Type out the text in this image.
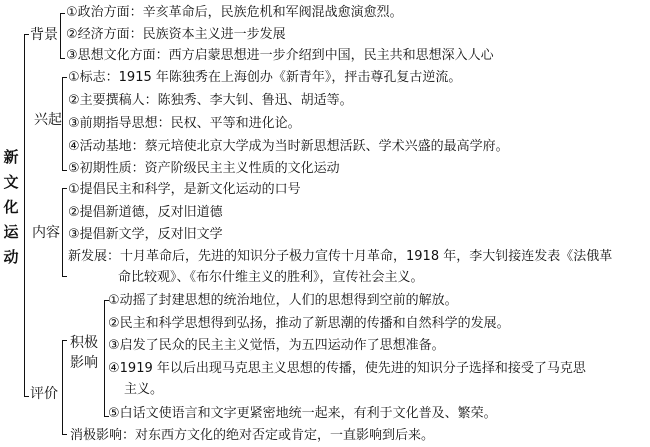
新
文
化
运
动
背景
兴起
内容
评价
①政治方面：辛亥革命后，民族危机和军阀混战愈演愈烈。
②经济方面：民族资本主义进一步发展
③思想文化方面：西方启蒙思想进一步介绍到中国，民主共和思想深入人心
①标志：1915 年陈独秀在上海创办《新青年》，抨击尊孔复古逆流。
②主要撰稿人：陈独秀、李大钊、鲁迅、胡适等。
③前期指导思想：民权、平等和进化论。
④活动基地：蔡元培使北京大学成为当时新思想活跃、学术兴盛的最高学府。
⑤初期性质：资产阶级民主主义性质的文化运动
①提倡民主和科学，是新文化运动的口号
②提倡新道德，反对旧道德
③提倡新文学，反对旧文学
新发展：十月革命后，先进的知识分子极力宣传十月革命，1918 年，李大钊接连发表《法俄革
命比较观》、《布尔什维主义的胜利》，宣传社会主义。
积极
影响
①动摇了封建思想的统治地位，人们的思想得到空前的解放。
②民主和科学思想得到弘扬，推动了新思潮的传播和自然科学的发展。
③启发了民众的民主主义觉悟，为五四运动作了思想准备。
④1919 年以后出现马克思主义思想的传播，使先进的知识分子选择和接受了马克思
主义。
⑤白话文使语言和文字更紧密地统一起来，有利于文化普及、繁荣。
消极影响：对东西方文化的绝对否定或肯定，一直影响到后来。
